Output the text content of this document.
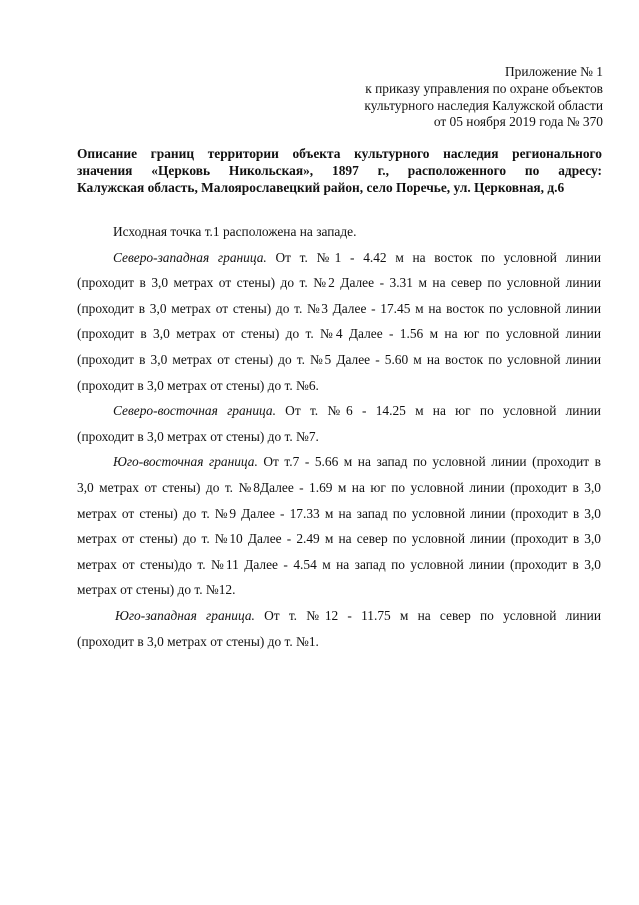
Приложение № 1
к приказу управления по охране объектов
культурного наследия Калужской области
от 05 ноября 2019 года № 370
Описание границ территории объекта культурного наследия регионального
значения «Церковь Никольская», 1897 г., расположенного по адресу:
Калужская область, Малоярославецкий район, село Поречье, ул. Церковная, д.6
Исходная точка т.1 расположена на западе.
Северо-западная граница. От т. №1 - 4.42 м на восток по условной линии
(проходит в 3,0 метрах от стены) до т. №2 Далее - 3.31 м на север по условной линии
(проходит в 3,0 метрах от стены) до т. №3 Далее - 17.45 м на восток по условной линии
(проходит в 3,0 метрах от стены) до т. №4 Далее - 1.56 м на юг по условной линии
(проходит в 3,0 метрах от стены) до т. №5 Далее - 5.60 м на восток по условной линии
(проходит в 3,0 метрах от стены) до т. №6.
Северо-восточная граница. От т. №6 - 14.25 м на юг по условной линии
(проходит в 3,0 метрах от стены) до т. №7.
Юго-восточная граница. От т.7 - 5.66 м на запад по условной линии (проходит в
3,0 метрах от стены) до т. №8Далее - 1.69 м на юг по условной линии (проходит в 3,0
метрах от стены) до т. №9 Далее - 17.33 м на запад по условной линии (проходит в 3,0
метрах от стены) до т. №10 Далее - 2.49 м на север по условной линии (проходит в 3,0
метрах от стены)до т. №11 Далее - 4.54 м на запад по условной линии (проходит в 3,0
метрах от стены) до т. №12.
Юго-западная граница. От т. №12 - 11.75 м на север по условной линии
(проходит в 3,0 метрах от стены) до т. №1.
